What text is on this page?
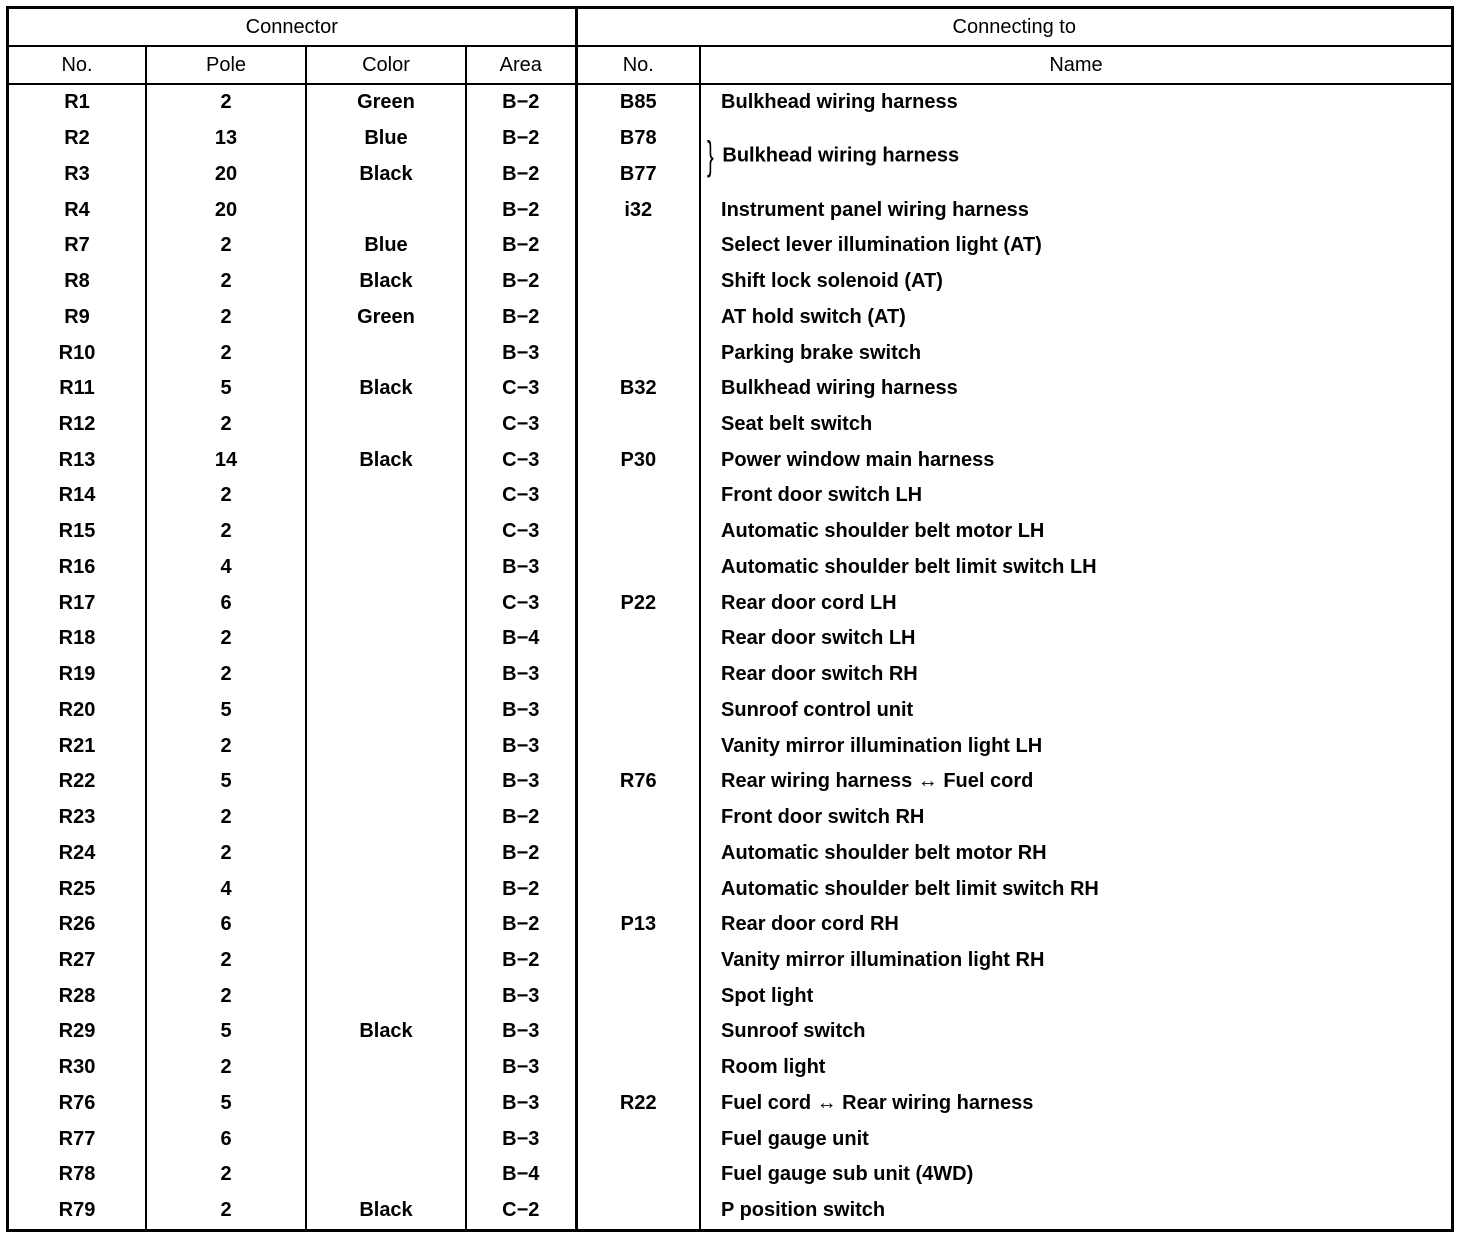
Connector				Connecting to	
No.	Pole	Color	Area	No.	Name
R1	2	Green	B−2	B85	Bulkhead wiring harness
R2	13	Blue	B−2	B78	} Bulkhead wiring harness
R3	20	Black	B−2	B77	
R4	20		B−2	i32	Instrument panel wiring harness
R7	2	Blue	B−2		Select lever illumination light (AT)
R8	2	Black	B−2		Shift lock solenoid (AT)
R9	2	Green	B−2		AT hold switch (AT)
R10	2		B−3		Parking brake switch
R11	5	Black	C−3	B32	Bulkhead wiring harness
R12	2		C−3		Seat belt switch
R13	14	Black	C−3	P30	Power window main harness
R14	2		C−3		Front door switch LH
R15	2		C−3		Automatic shoulder belt motor LH
R16	4		B−3		Automatic shoulder belt limit switch LH
R17	6		C−3	P22	Rear door cord LH
R18	2		B−4		Rear door switch LH
R19	2		B−3		Rear door switch RH
R20	5		B−3		Sunroof control unit
R21	2		B−3		Vanity mirror illumination light LH
R22	5		B−3	R76	Rear wiring harness ↔ Fuel cord
R23	2		B−2		Front door switch RH
R24	2		B−2		Automatic shoulder belt motor RH
R25	4		B−2		Automatic shoulder belt limit switch RH
R26	6		B−2	P13	Rear door cord RH
R27	2		B−2		Vanity mirror illumination light RH
R28	2		B−3		Spot light
R29	5	Black	B−3		Sunroof switch
R30	2		B−3		Room light
R76	5		B−3	R22	Fuel cord ↔ Rear wiring harness
R77	6		B−3		Fuel gauge unit
R78	2		B−4		Fuel gauge sub unit (4WD)
R79	2	Black	C−2		P position switch
